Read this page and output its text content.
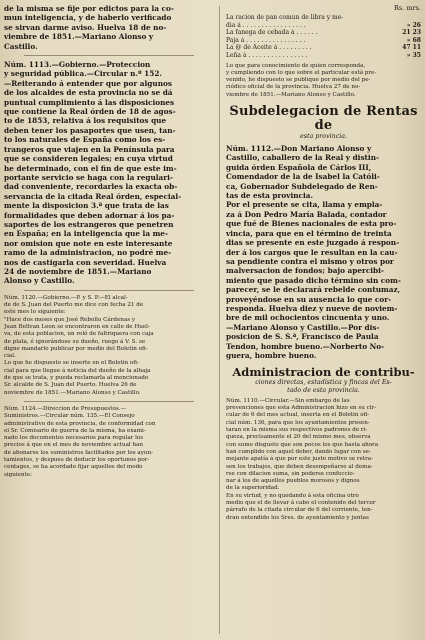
de la misma se fije por edictos para la co-

mun inteligencia, y de haberlo verificado

se sirvan darme aviso. Huelva 18 de no-

viembre de 1851.—Mariano Alonso y

Castillo.

Núm. 1113.—Gobierno.—Proteccion

y seguridad pública.—Circular n.º 152.

—Reiterando á entender que por algunos

de los alcaldes de esta provincia no se dá

puntual cumplimiento á las disposiciones

que contiene la Real órden de 18 de agos-

to de 1853, relativa á los requisitos que

deben tener los pasaportes que usen, tan-

to los naturales de España como los es-

trangeros que viajen en la Península para

que se consideren legales; en cuya virtud

he determinado, con el fin de que este im-

portante servicio se haga con la regulari-

dad conveniente, recordarles la exacta ob-

servancia de la citada Real órden, especial-

mente la disposicion 3.ª que trata de las

formalidades que deben adornar á los pa-

saportes de los estrangeros que penetren

en España; en la inteligencia que la me-

nor omision que note en este interesante

ramo de la administracion, no podré me-

nos de castigarla con severidad. Huelva

24 de noviembre de 1851.—Mariano

Alonso y Castillo.

Núm. 1120.—Gobierno.—P. y S. P.—El alcal-

de de S. Juan del Puerto me dice con fecha 21 de

este mes lo siguiente:

"Hace dos meses que José Rebollo Cárdenas y

Juan Beltran Leon se encontraron en calle de Huel-

va, de esta poblacion, un reló de faltriquera con caja

de plata, é ignorándose su dueño, ruego á V. S. se

digne mandarlo publicar por medio del Boletin ofi-

cial.

Lo que he dispuesto se inserte en el Boletin ofi-

cial para que llegue á noticia del dueño de la alhaja

de que se trata, y pueda reclamarla al mencionado

Sr. alcalde de S. Juan del Puerto. Huelva 26 de

noviembre de 1851.—Mariano Alonso y Castillo.

Núm. 1124.—Direccion de Presupuestos.—

Suministros.—Circular núm. 135.—El Consejo

administrativo de esta provincia, de conformidad con

el Sr. Comisario de guerra de la misma, ha exami-

nado los documentos necesarios para regular los

precios á que en el mes de noviembre actual han

de abonarse los suministros facilitados por los ayun-

tamientos, y despues de deducir los oportunos por-

centages, se ha acordado fijar aquellos del modo

siguiente:

Rs. mrs.
La racion de pan comun de libra y me-
dia á . . . . . . . . . . . . . . . . .	» 26
La fanega de cebada á . . . . . .	21 23
Paja á . . . . . . . . . . . . . . . .	» 68
La @ de Aceite á . . . . . . . . .	47 11
Leña á . . . . . . . . . . . . . . . .	» 35

Lo que para conocimiento de quien corresponda,

y cumpliendo con lo que sobre el particular está pre-

venido, he dispuesto se publique por medio del pe-

riódico oficial de la provincia. Huelva 27 de no-

viembre de 1851.—Mariano Alonso y Castillo.

Subdelegacion de Rentas de
esta provincia.

Núm. 1112.—Don Mariano Alonso y

Castillo, caballero de la Real y distin-

guida órden Española de Cárlos III,

Comendador de la de Isabel la Católi-

ca, Gobernador Subdelegado de Ren-

tas de esta provincia.

Por el presente se cita, llama y empla-

za á Don Pedro María Balada, contador

que fué de Bienes nacionales de esta pro-

vincia, para que en el término de treinta

dias se presente en este juzgado á respon-

der á los cargos que le resultan en la cau-

sa pendiente contra el mismo y otros por

malversacion de fondos; bajo apercibi-

miento que pasado dicho término sin com-

parecer, se le declarará rebelde contumaz,

proveyéndose en su ausencia lo que cor-

responda. Huelva diez y nueve de noviem-

bre de mil ochocientos cincuenta y uno.

—Mariano Alonso y Castillo.—Por dis-

posicion de S. S.ª, Francisco de Paula

Tendon, hombre bueno.—Norberto No-

guera, hombre bueno.

Administracion de contribu-

ciones directas, estadística y fincas del Es-

tado de esta provincia.

Núm. 1110.—Circular.—Sin embargo de las

prevenciones que esta Administracion hizo en su cir-

cular de 6 del mes actual, inserta en el Boletin ofi-

cial núm. 136, para que los ayuntamientos presen-

taran en la misma sus respectivos padrones de ri-

queza, precisamente el 20 del mismo mes, observa

con sumo disgusto que son pocos los que hasta ahora

han cumplido con aquel deber, dando lugar con se-

mejante apatía á que por este justo motivo se retra-

sen los trabajos, que deben desempeñarse al dema-

rse con dilacion suma, sin poderse confeccio-

nar á los de aquellos pueblos morosos y dignos

de la superioridad.

En su virtud, y no quedando á esta oficina otro

medio que el de llevar á cabo el contenido del tercer

párrafo de la citada circular de 6 del corriente, ten-

dran entendido los Sres. de ayuntamiento y juntas
